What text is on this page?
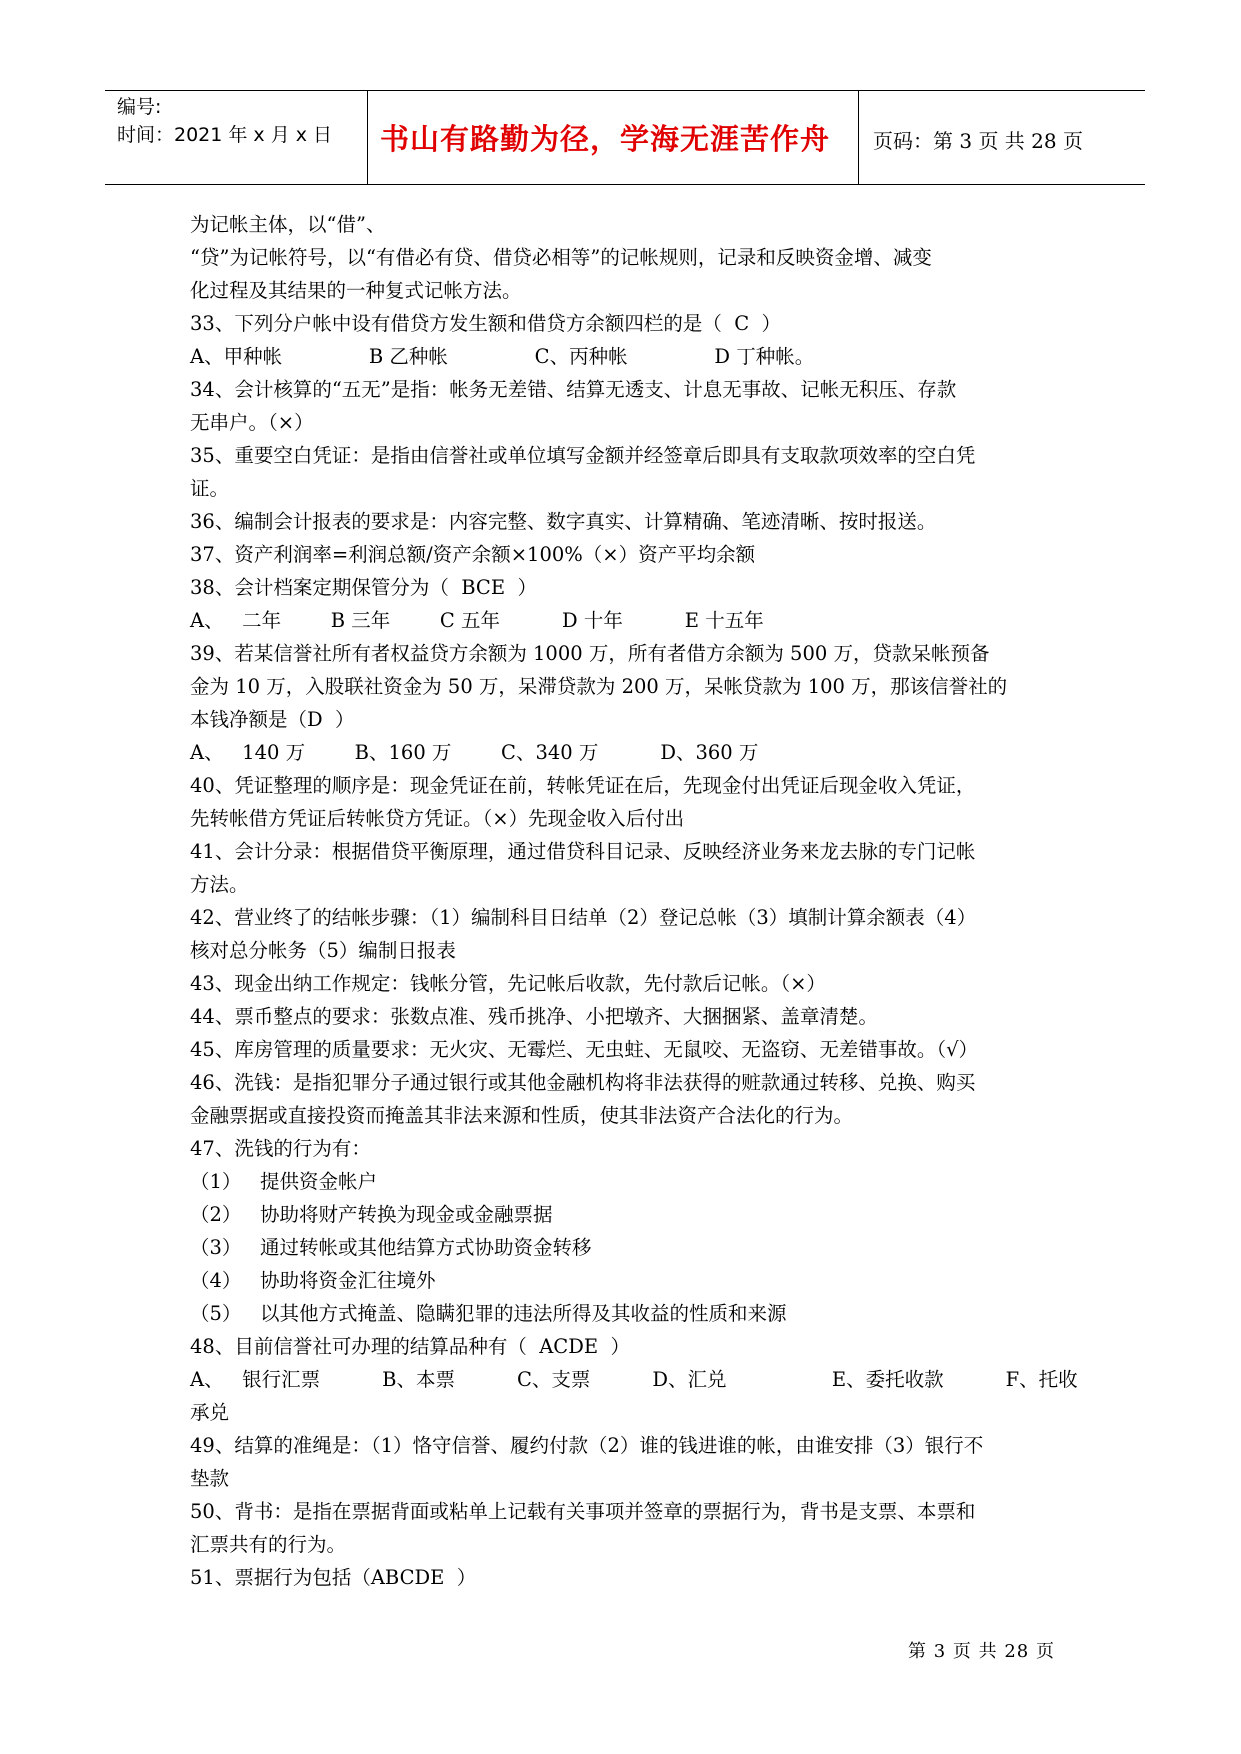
编号:
时间：2021 年 x 月 x 日	书山有路勤为径，学海无涯苦作舟	页码：第 3 页 共 28 页

为记帐主体，以“借”、

“贷”为记帐符号，以“有借必有贷、借贷必相等”的记帐规则，记录和反映资金增、减变

化过程及其结果的一种复式记帐方法。

33、下列分户帐中设有借贷方发生额和借贷方余额四栏的是（  C  ）

A、甲种帐              B 乙种帐              C、丙种帐              D 丁种帐。

34、会计核算的“五无”是指：帐务无差错、结算无透支、计息无事故、记帐无积压、存款

无串户。（×）

35、重要空白凭证：是指由信誉社或单位填写金额并经签章后即具有支取款项效率的空白凭

证。

36、编制会计报表的要求是：内容完整、数字真实、计算精确、笔迹清晰、按时报送。

37、资产利润率=利润总额/资产余额×100%（×）资产平均余额

38、会计档案定期保管分为（  BCE  ）

A、   二年        B 三年        C 五年          D 十年          E 十五年

39、若某信誉社所有者权益贷方余额为 1000 万，所有者借方余额为 500 万，贷款呆帐预备

金为 10 万，入股联社资金为 50 万，呆滞贷款为 200 万，呆帐贷款为 100 万，那该信誉社的

本钱净额是（D  ）

A、   140 万        B、160 万        C、340 万          D、360 万

40、凭证整理的顺序是：现金凭证在前，转帐凭证在后，先现金付出凭证后现金收入凭证，

先转帐借方凭证后转帐贷方凭证。（×）先现金收入后付出

41、会计分录：根据借贷平衡原理，通过借贷科目记录、反映经济业务来龙去脉的专门记帐

方法。

42、营业终了的结帐步骤：（1）编制科目日结单（2）登记总帐（3）填制计算余额表（4）

核对总分帐务（5）编制日报表

43、现金出纳工作规定：钱帐分管，先记帐后收款，先付款后记帐。（×）

44、票币整点的要求：张数点准、残币挑净、小把墩齐、大捆捆紧、盖章清楚。

45、库房管理的质量要求：无火灾、无霉烂、无虫蛀、无鼠咬、无盗窃、无差错事故。（√）

46、洗钱：是指犯罪分子通过银行或其他金融机构将非法获得的赃款通过转移、兑换、购买

金融票据或直接投资而掩盖其非法来源和性质，使其非法资产合法化的行为。

47、洗钱的行为有：

（1）   提供资金帐户

（2）   协助将财产转换为现金或金融票据

（3）   通过转帐或其他结算方式协助资金转移

（4）   协助将资金汇往境外

（5）   以其他方式掩盖、隐瞒犯罪的违法所得及其收益的性质和来源

48、目前信誉社可办理的结算品种有（  ACDE  ）

A、   银行汇票          B、本票          C、支票          D、汇兑                 E、委托收款          F、托收

承兑

49、结算的准绳是：（1）恪守信誉、履约付款（2）谁的钱进谁的帐，由谁安排（3）银行不

垫款

50、背书：是指在票据背面或粘单上记载有关事项并签章的票据行为，背书是支票、本票和

汇票共有的行为。

51、票据行为包括（ABCDE  ）

第 3 页 共 28 页
